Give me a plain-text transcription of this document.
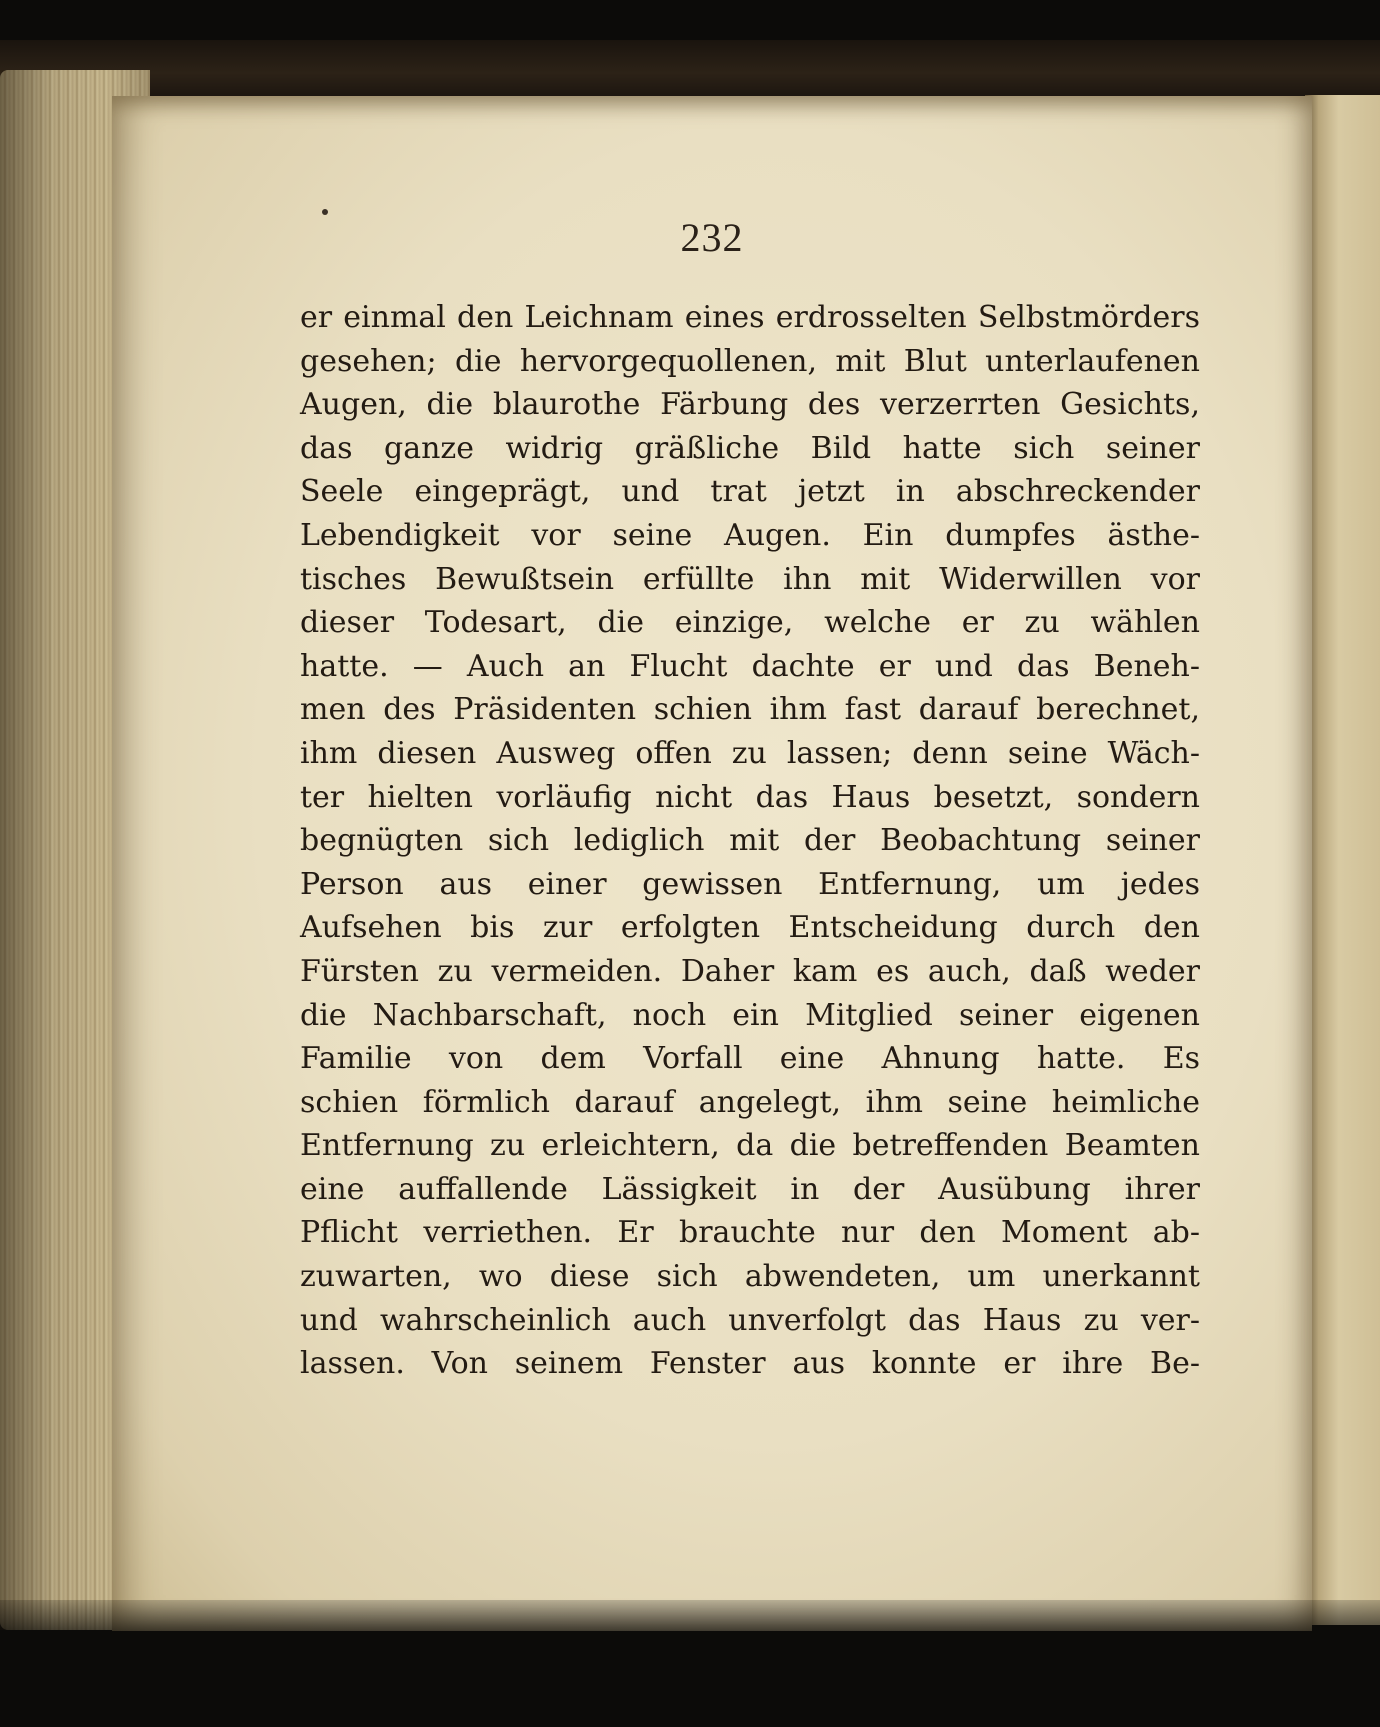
232
er einmal den Leichnam eines erdrosselten Selbstmörders
gesehen; die hervorgequollenen, mit Blut unterlaufenen
Augen, die blaurothe Färbung des verzerrten Gesichts,
das ganze widrig gräßliche Bild hatte sich seiner
Seele eingeprägt, und trat jetzt in abschreckender
Lebendigkeit vor seine Augen. Ein dumpfes ästhe-
tisches Bewußtsein erfüllte ihn mit Widerwillen vor
dieser Todesart, die einzige, welche er zu wählen
hatte. — Auch an Flucht dachte er und das Beneh-
men des Präsidenten schien ihm fast darauf berechnet,
ihm diesen Ausweg offen zu lassen; denn seine Wäch-
ter hielten vorläufig nicht das Haus besetzt, sondern
begnügten sich lediglich mit der Beobachtung seiner
Person aus einer gewissen Entfernung, um jedes
Aufsehen bis zur erfolgten Entscheidung durch den
Fürsten zu vermeiden. Daher kam es auch, daß weder
die Nachbarschaft, noch ein Mitglied seiner eigenen
Familie von dem Vorfall eine Ahnung hatte. Es
schien förmlich darauf angelegt, ihm seine heimliche
Entfernung zu erleichtern, da die betreffenden Beamten
eine auffallende Lässigkeit in der Ausübung ihrer
Pflicht verriethen. Er brauchte nur den Moment ab-
zuwarten, wo diese sich abwendeten, um unerkannt
und wahrscheinlich auch unverfolgt das Haus zu ver-
lassen. Von seinem Fenster aus konnte er ihre Be-
